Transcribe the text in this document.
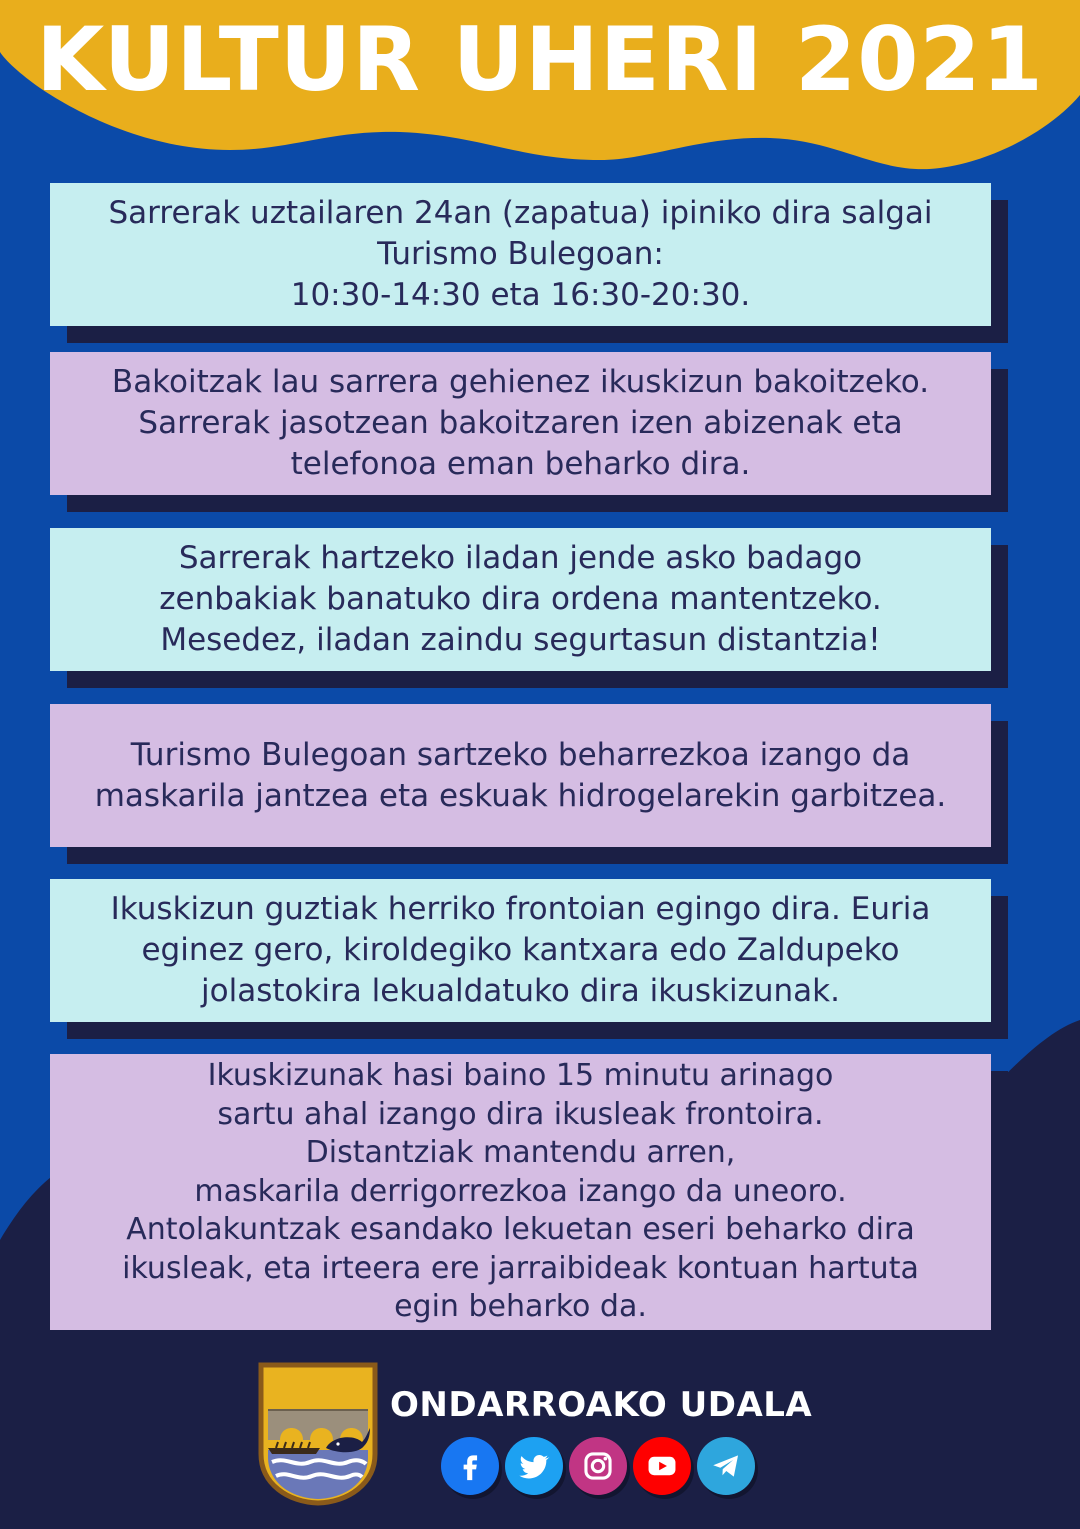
KULTUR UHERI 2021

Sarrerak uztailaren 24an (zapatua) ipiniko dira salgai
Turismo Bulegoan:
10:30-14:30 eta 16:30-20:30.

Bakoitzak lau sarrera gehienez ikuskizun bakoitzeko.
Sarrerak jasotzean bakoitzaren izen abizenak eta
telefonoa eman beharko dira.

Sarrerak hartzeko iladan jende asko badago
zenbakiak banatuko dira ordena mantentzeko.
Mesedez, iladan zaindu segurtasun distantzia!

Turismo Bulegoan sartzeko beharrezkoa izango da
maskarila jantzea eta eskuak hidrogelarekin garbitzea.

Ikuskizun guztiak herriko frontoian egingo dira. Euria
eginez gero, kiroldegiko kantxara edo Zaldupeko
jolastokira lekualdatuko dira ikuskizunak.

Ikuskizunak hasi baino 15 minutu arinago
sartu ahal izango dira ikusleak frontoira.
Distantziak mantendu arren,
maskarila derrigorrezkoa izango da uneoro.
Antolakuntzak esandako lekuetan eseri beharko dira
ikusleak, eta irteera ere jarraibideak kontuan hartuta
egin beharko da.

ONDARROAKO UDALA
